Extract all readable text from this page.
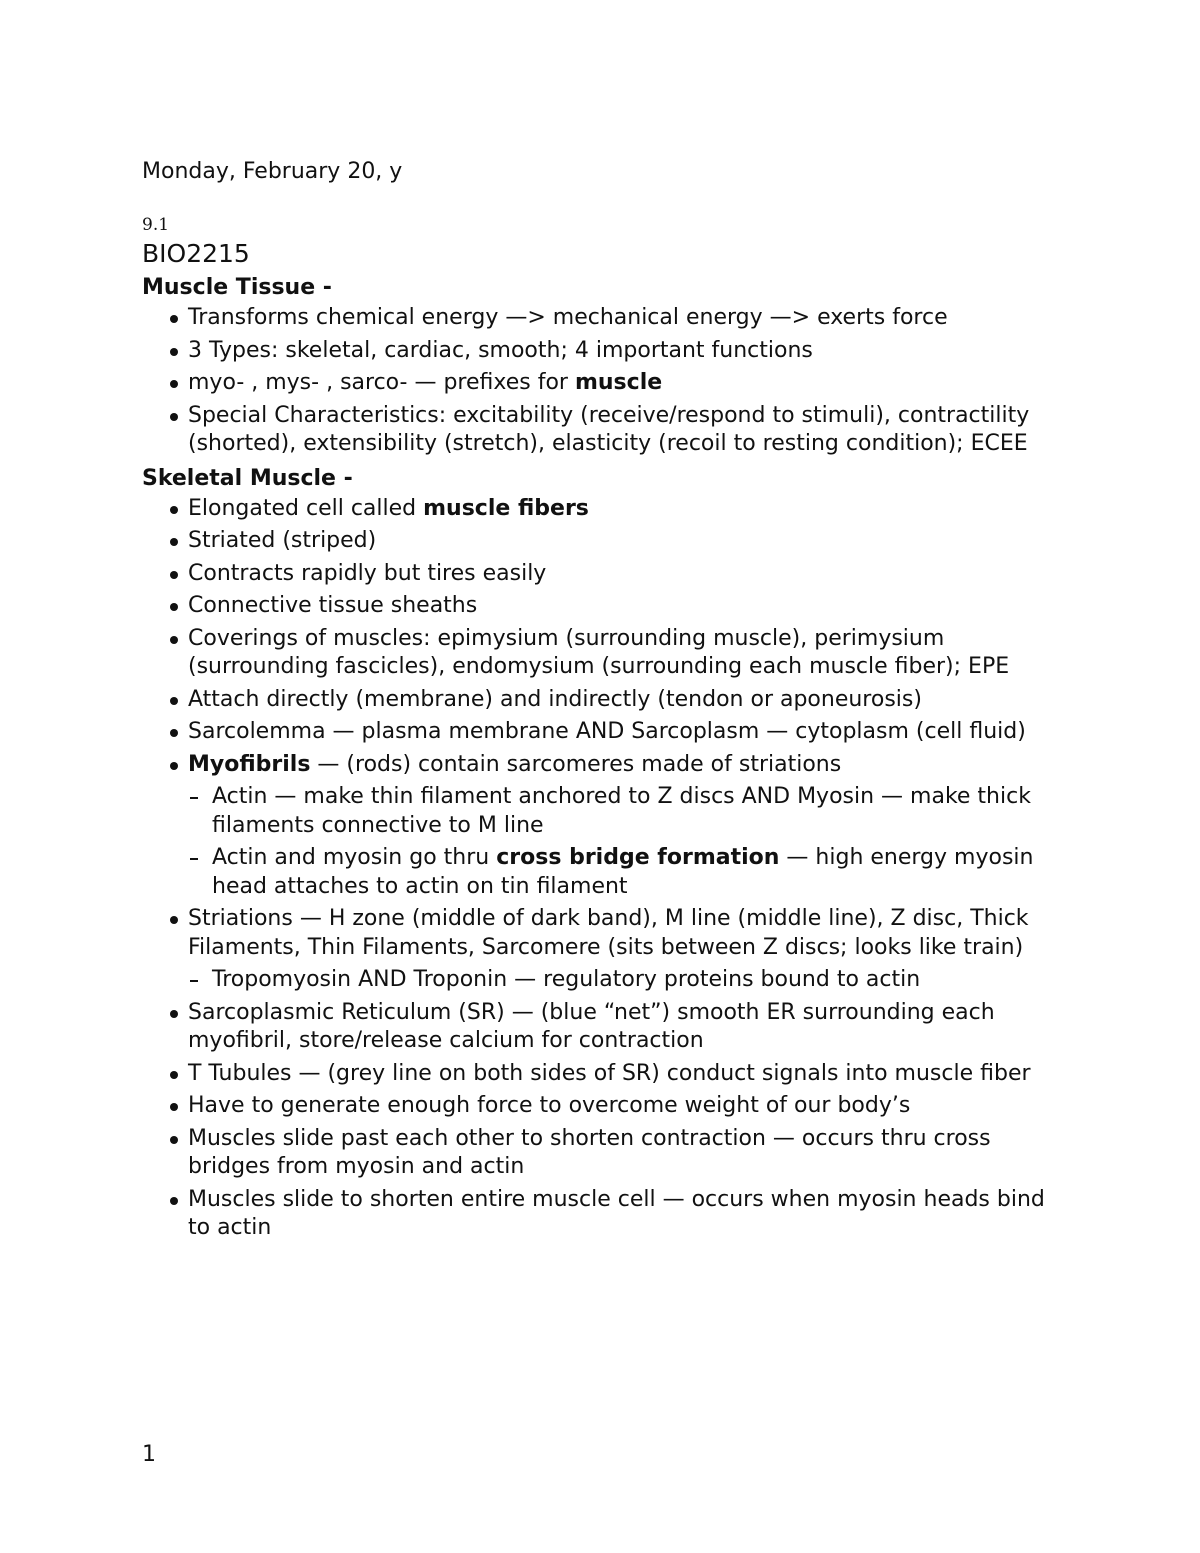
Monday, February 20, y
9.1
BIO2215
Muscle Tissue -
Transforms chemical energy —> mechanical energy —> exerts force
3 Types: skeletal, cardiac, smooth; 4 important functions
myo- , mys- , sarco- — prefixes for muscle
Special Characteristics: excitability (receive/respond to stimuli), contractility (shorted), extensibility (stretch), elasticity (recoil to resting condition); ECEE
Skeletal Muscle -
Elongated cell called muscle fibers
Striated (striped)
Contracts rapidly but tires easily
Connective tissue sheaths
Coverings of muscles: epimysium (surrounding muscle), perimysium (surrounding fascicles), endomysium (surrounding each muscle fiber); EPE
Attach directly (membrane) and indirectly (tendon or aponeurosis)
Sarcolemma — plasma membrane AND Sarcoplasm — cytoplasm (cell fluid)
Myofibrils — (rods) contain sarcomeres made of striations
Actin — make thin filament anchored to Z discs AND Myosin — make thick filaments connective to M line
Actin and myosin go thru cross bridge formation — high energy myosin head attaches to actin on tin filament
Striations — H zone (middle of dark band), M line (middle line), Z disc, Thick Filaments, Thin Filaments, Sarcomere (sits between Z discs; looks like train)
Tropomyosin AND Troponin — regulatory proteins bound to actin
Sarcoplasmic Reticulum (SR) — (blue “net”) smooth ER surrounding each myofibril, store/release calcium for contraction
T Tubules — (grey line on both sides of SR) conduct signals into muscle fiber
Have to generate enough force to overcome weight of our body’s
Muscles slide past each other to shorten contraction — occurs thru cross bridges from myosin and actin
Muscles slide to shorten entire muscle cell — occurs when myosin heads bind to actin
1
